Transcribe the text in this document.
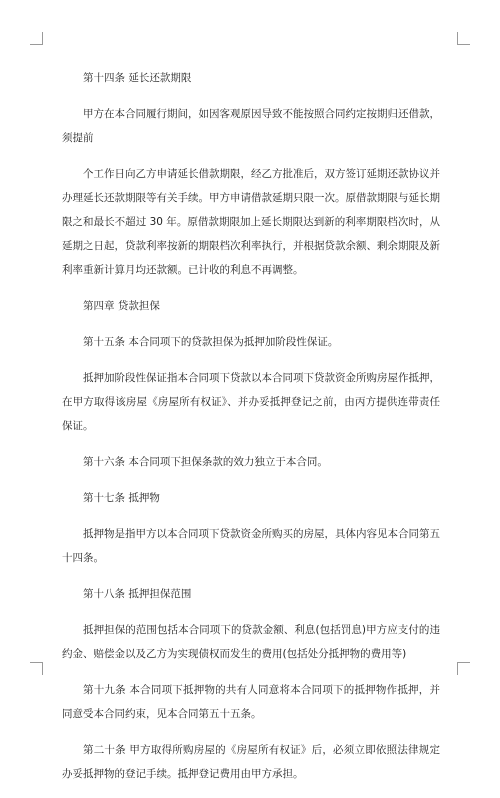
第十四条 延长还款期限

甲方在本合同履行期间，如因客观原因导致不能按照合同约定按期归还借款，须提前

个工作日向乙方申请延长借款期限，经乙方批准后，双方签订延期还款协议并办理延长还款期限等有关手续。甲方申请借款延期只限一次。原借款期限与延长期限之和最长不超过 30 年。原借款期限加上延长期限达到新的利率期限档次时，从延期之日起，贷款利率按新的期限档次利率执行，并根据贷款余额、剩余期限及新利率重新计算月均还款额。已计收的利息不再调整。

第四章 贷款担保

第十五条 本合同项下的贷款担保为抵押加阶段性保证。

抵押加阶段性保证指本合同项下贷款以本合同项下贷款资金所购房屋作抵押，在甲方取得该房屋《房屋所有权证》、并办妥抵押登记之前，由丙方提供连带责任保证。

第十六条 本合同项下担保条款的效力独立于本合同。

第十七条 抵押物

抵押物是指甲方以本合同项下贷款资金所购买的房屋，具体内容见本合同第五十四条。

第十八条 抵押担保范围

抵押担保的范围包括本合同项下的贷款金额、利息(包括罚息)甲方应支付的违约金、赔偿金以及乙方为实现债权而发生的费用(包括处分抵押物的费用等)

第十九条 本合同项下抵押物的共有人同意将本合同项下的抵押物作抵押，并同意受本合同约束，见本合同第五十五条。

第二十条 甲方取得所购房屋的《房屋所有权证》后，必须立即依照法律规定办妥抵押物的登记手续。抵押登记费用由甲方承担。
